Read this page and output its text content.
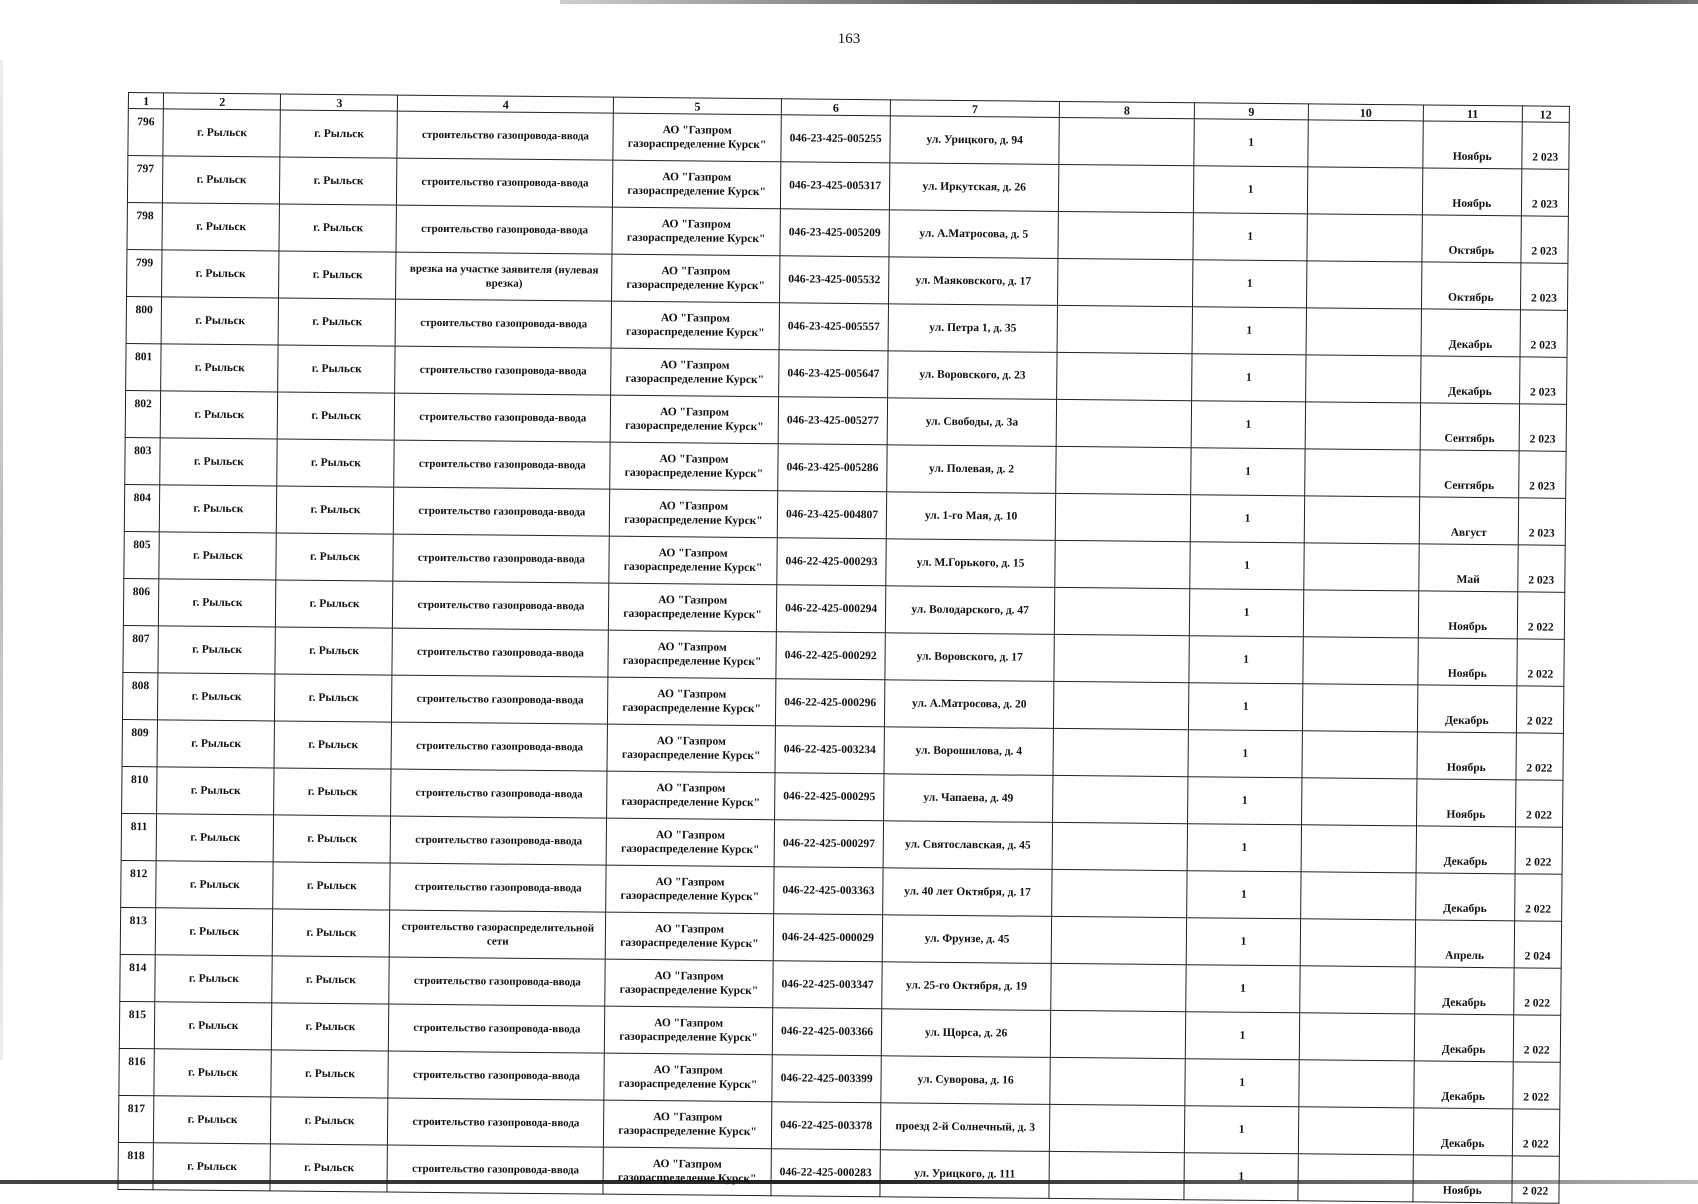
163
1	2	3	4	5	6	7	8	9	10	11	12
796	г. Рыльск	г. Рыльск	строительство газопровода-ввода	АО "Газпром газораспределение Курск"	046-23-425-005255	ул. Урицкого, д. 94		1		Ноябрь	2 023
797	г. Рыльск	г. Рыльск	строительство газопровода-ввода	АО "Газпром газораспределение Курск"	046-23-425-005317	ул. Иркутская, д. 26		1		Ноябрь	2 023
798	г. Рыльск	г. Рыльск	строительство газопровода-ввода	АО "Газпром газораспределение Курск"	046-23-425-005209	ул. А.Матросова, д. 5		1		Октябрь	2 023
799	г. Рыльск	г. Рыльск	врезка на участке заявителя (нулевая врезка)	АО "Газпром газораспределение Курск"	046-23-425-005532	ул. Маяковского, д. 17		1		Октябрь	2 023
800	г. Рыльск	г. Рыльск	строительство газопровода-ввода	АО "Газпром газораспределение Курск"	046-23-425-005557	ул. Петра 1, д. 35		1		Декабрь	2 023
801	г. Рыльск	г. Рыльск	строительство газопровода-ввода	АО "Газпром газораспределение Курск"	046-23-425-005647	ул. Воровского, д. 23		1		Декабрь	2 023
802	г. Рыльск	г. Рыльск	строительство газопровода-ввода	АО "Газпром газораспределение Курск"	046-23-425-005277	ул. Свободы, д. 3а		1		Сентябрь	2 023
803	г. Рыльск	г. Рыльск	строительство газопровода-ввода	АО "Газпром газораспределение Курск"	046-23-425-005286	ул. Полевая, д. 2		1		Сентябрь	2 023
804	г. Рыльск	г. Рыльск	строительство газопровода-ввода	АО "Газпром газораспределение Курск"	046-23-425-004807	ул. 1-го Мая, д. 10		1		Август	2 023
805	г. Рыльск	г. Рыльск	строительство газопровода-ввода	АО "Газпром газораспределение Курск"	046-22-425-000293	ул. М.Горького, д. 15		1		Май	2 023
806	г. Рыльск	г. Рыльск	строительство газопровода-ввода	АО "Газпром газораспределение Курск"	046-22-425-000294	ул. Володарского, д. 47		1		Ноябрь	2 022
807	г. Рыльск	г. Рыльск	строительство газопровода-ввода	АО "Газпром газораспределение Курск"	046-22-425-000292	ул. Воровского, д. 17		1		Ноябрь	2 022
808	г. Рыльск	г. Рыльск	строительство газопровода-ввода	АО "Газпром газораспределение Курск"	046-22-425-000296	ул. А.Матросова, д. 20		1		Декабрь	2 022
809	г. Рыльск	г. Рыльск	строительство газопровода-ввода	АО "Газпром газораспределение Курск"	046-22-425-003234	ул. Ворошилова, д. 4		1		Ноябрь	2 022
810	г. Рыльск	г. Рыльск	строительство газопровода-ввода	АО "Газпром газораспределение Курск"	046-22-425-000295	ул. Чапаева, д. 49		1		Ноябрь	2 022
811	г. Рыльск	г. Рыльск	строительство газопровода-ввода	АО "Газпром газораспределение Курск"	046-22-425-000297	ул. Святославская, д. 45		1		Декабрь	2 022
812	г. Рыльск	г. Рыльск	строительство газопровода-ввода	АО "Газпром газораспределение Курск"	046-22-425-003363	ул. 40 лет Октября, д. 17		1		Декабрь	2 022
813	г. Рыльск	г. Рыльск	строительство газораспределительной сети	АО "Газпром газораспределение Курск"	046-24-425-000029	ул. Фрунзе, д. 45		1		Апрель	2 024
814	г. Рыльск	г. Рыльск	строительство газопровода-ввода	АО "Газпром газораспределение Курск"	046-22-425-003347	ул. 25-го Октября, д. 19		1		Декабрь	2 022
815	г. Рыльск	г. Рыльск	строительство газопровода-ввода	АО "Газпром газораспределение Курск"	046-22-425-003366	ул. Щорса, д. 26		1		Декабрь	2 022
816	г. Рыльск	г. Рыльск	строительство газопровода-ввода	АО "Газпром газораспределение Курск"	046-22-425-003399	ул. Суворова, д. 16		1		Декабрь	2 022
817	г. Рыльск	г. Рыльск	строительство газопровода-ввода	АО "Газпром газораспределение Курск"	046-22-425-003378	проезд 2-й Солнечный, д. 3		1		Декабрь	2 022
818	г. Рыльск	г. Рыльск	строительство газопровода-ввода	АО "Газпром газораспределение Курск"	046-22-425-000283	ул. Урицкого, д. 111		1		Ноябрь	2 022
